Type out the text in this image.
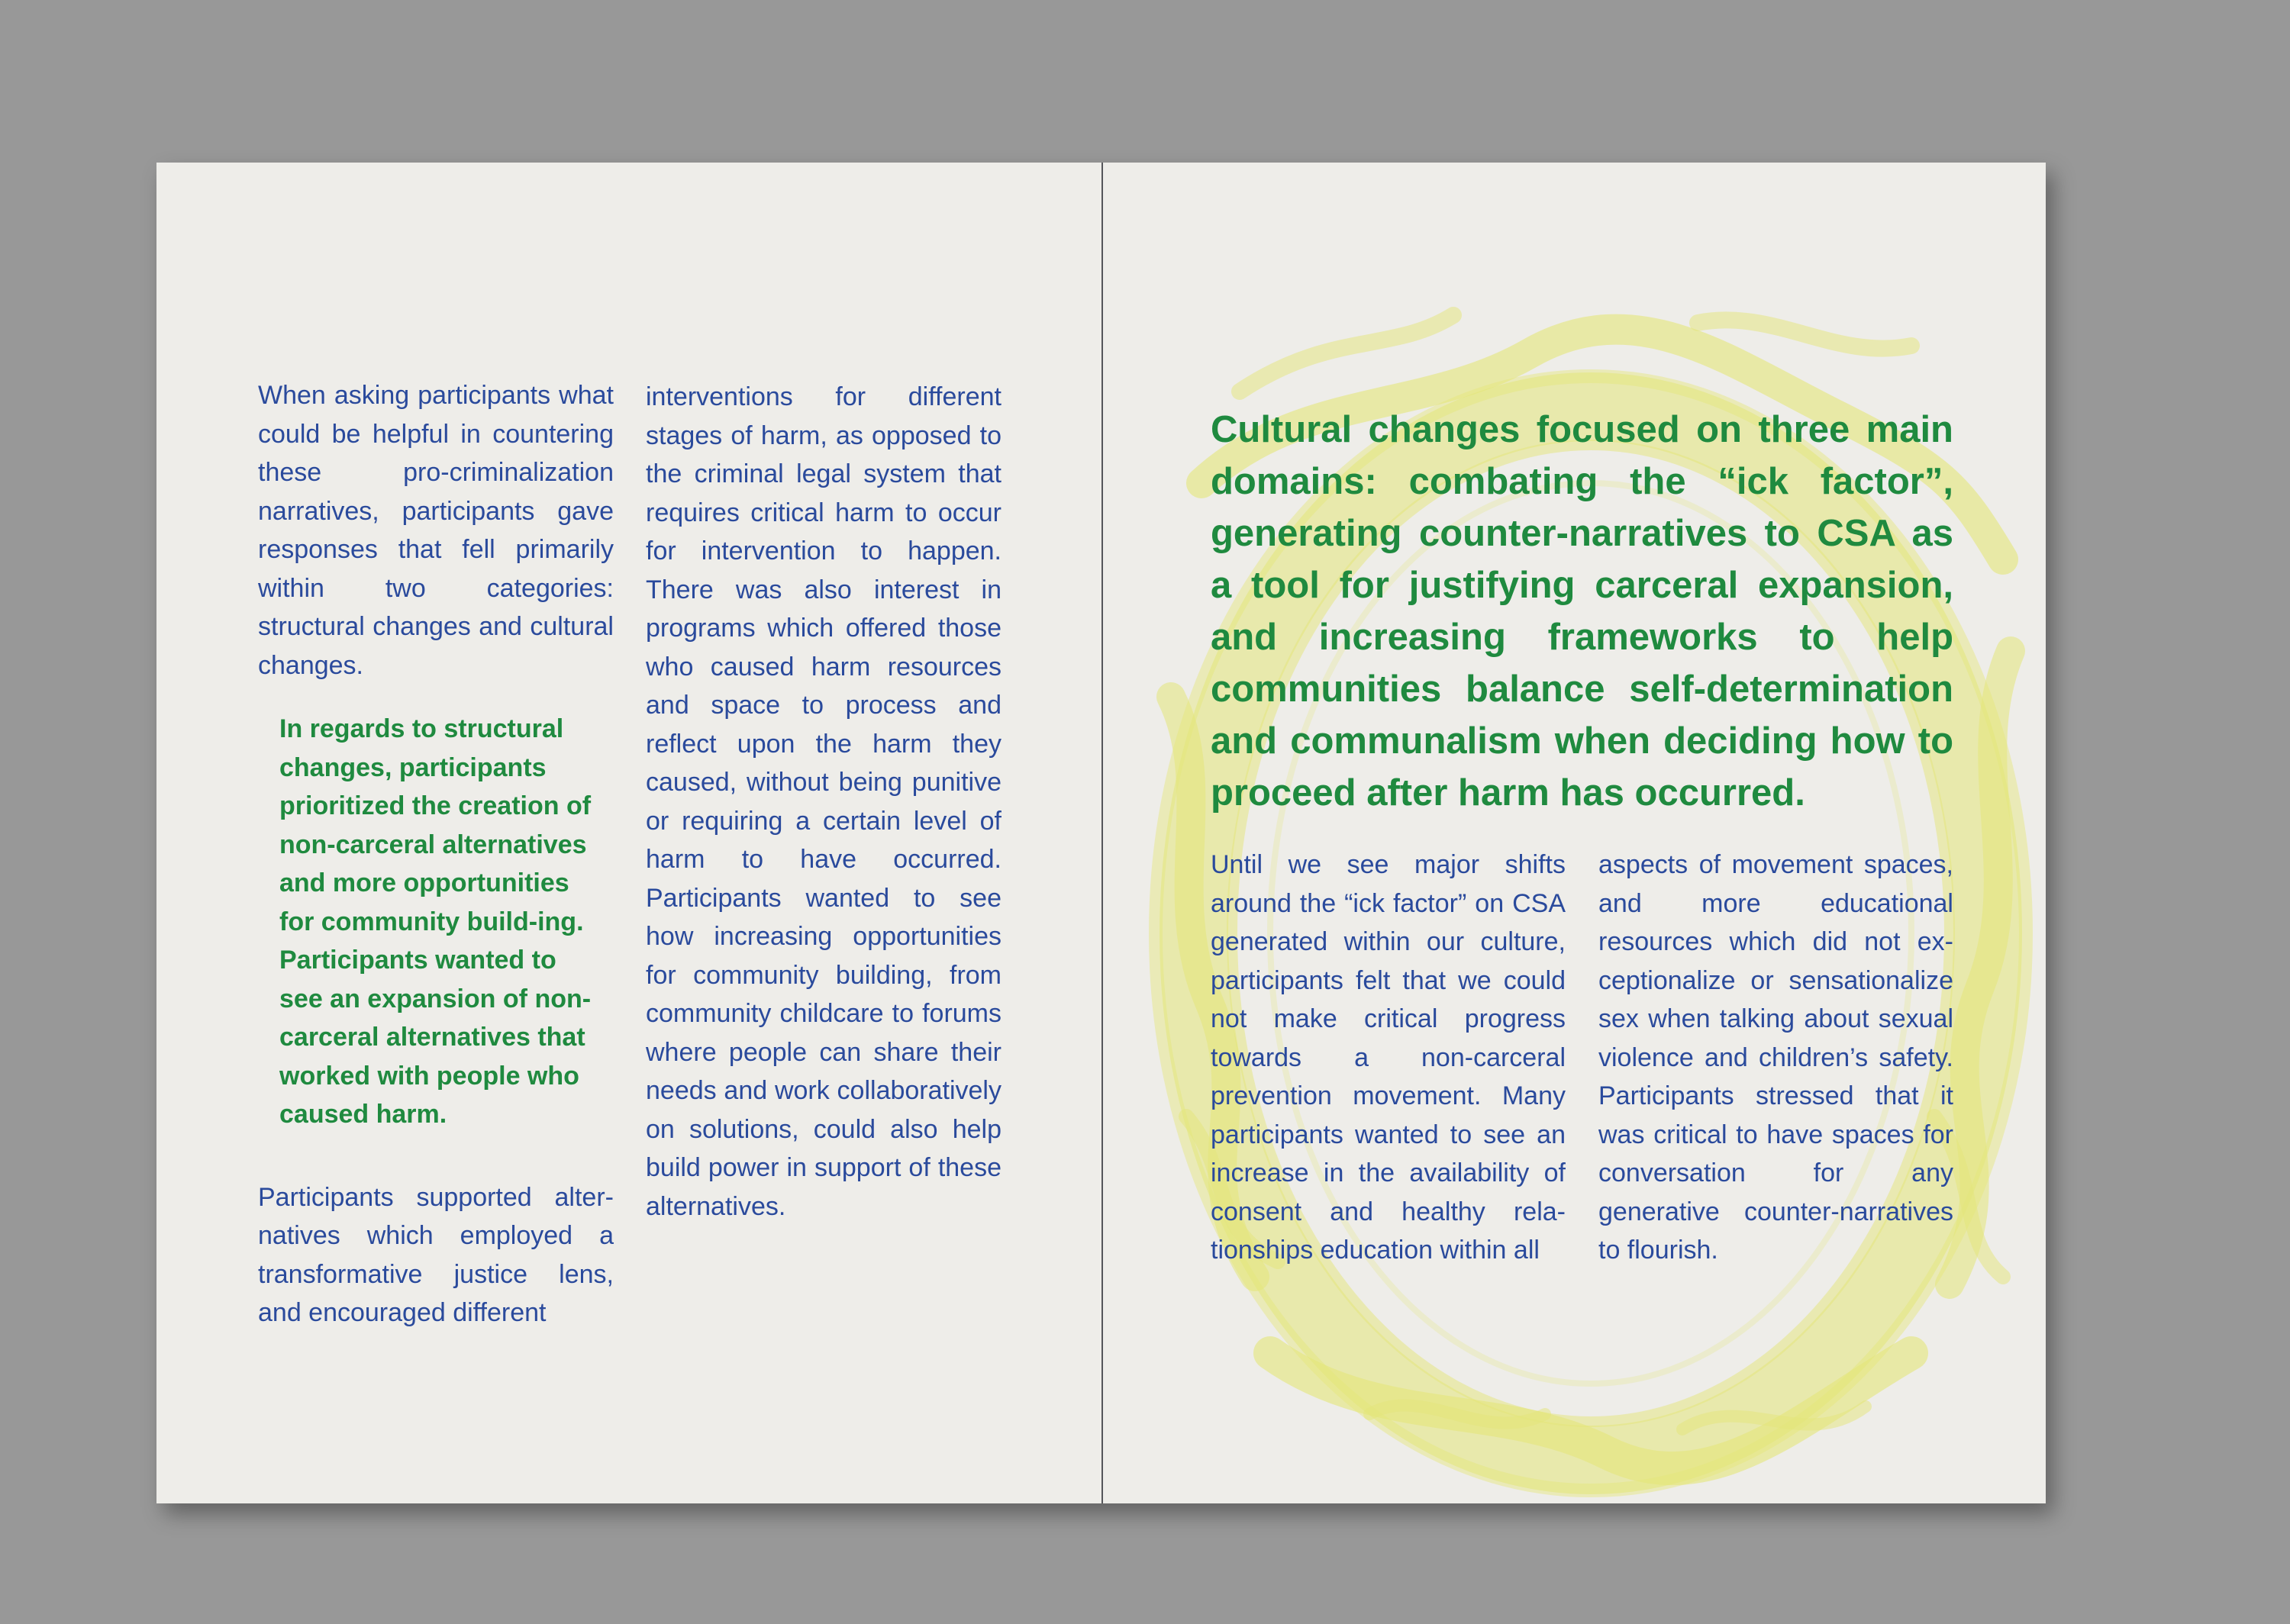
When asking participants what could be helpful in countering these pro-criminalization narratives, participants gave responses that fell primarily within two categories: structural changes and cultural changes.

In regards to structural changes, participants prioritized the creation of non-carceral alternatives and more opportunities for community build-ing. Participants wanted to see an expansion of non-carceral alternatives that worked with people who caused harm.

Participants supported alternatives which employed a transformative justice lens, and encouraged different

interventions for different stages of harm, as opposed to the criminal legal system that requires critical harm to occur for intervention to happen. There was also interest in programs which offered those who caused harm resources and space to process and reflect upon the harm they caused, without being punitive or requiring a certain level of harm to have occurred. Participants wanted to see how increasing opportunities for community building, from community childcare to forums where people can share their needs and work collaboratively on solutions, could also help build power in support of these alternatives.

Cultural changes focused on three main domains: combating the “ick factor”, generating counter-narratives to CSA as a tool for justifying carceral expansion, and increasing frameworks to help communities balance self-determination and communalism when deciding how to proceed after harm has occurred.

Until we see major shifts around the “ick factor” on CSA generated within our culture, participants felt that we could not make critical progress towards a non-carceral prevention movement. Many participants wanted to see an increase in the availability of consent and healthy relationships education within all

aspects of movement spaces, and more educational resources which did not exceptionalize or sensationalize sex when talking about sexual violence and children’s safety. Participants stressed that it was critical to have spaces for conversation for any generative counter-narratives to flourish.
